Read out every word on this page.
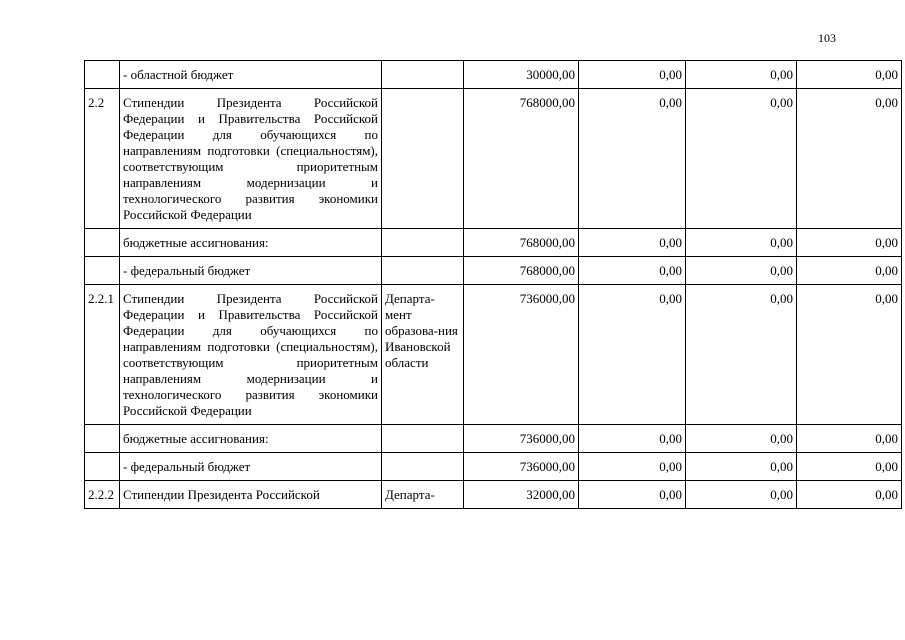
103
	- областной бюджет		30000,00	0,00	0,00	0,00
2.2	Стипендии Президента Российской Федерации и Правительства Российской Федерации для обучающихся по направлениям подготовки (специальностям), соответствующим приоритетным направлениям модернизации и технологического развития экономики Российской Федерации		768000,00	0,00	0,00	0,00
	бюджетные ассигнования:		768000,00	0,00	0,00	0,00
	- федеральный бюджет		768000,00	0,00	0,00	0,00
2.2.1	Стипендии Президента Российской Федерации и Правительства Российской Федерации для обучающихся по направлениям подготовки (специальностям), соответствующим приоритетным направлениям модернизации и технологического развития экономики Российской Федерации	Департа-мент образова-ния Ивановской области	736000,00	0,00	0,00	0,00
	бюджетные ассигнования:		736000,00	0,00	0,00	0,00
	- федеральный бюджет		736000,00	0,00	0,00	0,00
2.2.2	Стипендии Президента Российской	Департа-	32000,00	0,00	0,00	0,00
